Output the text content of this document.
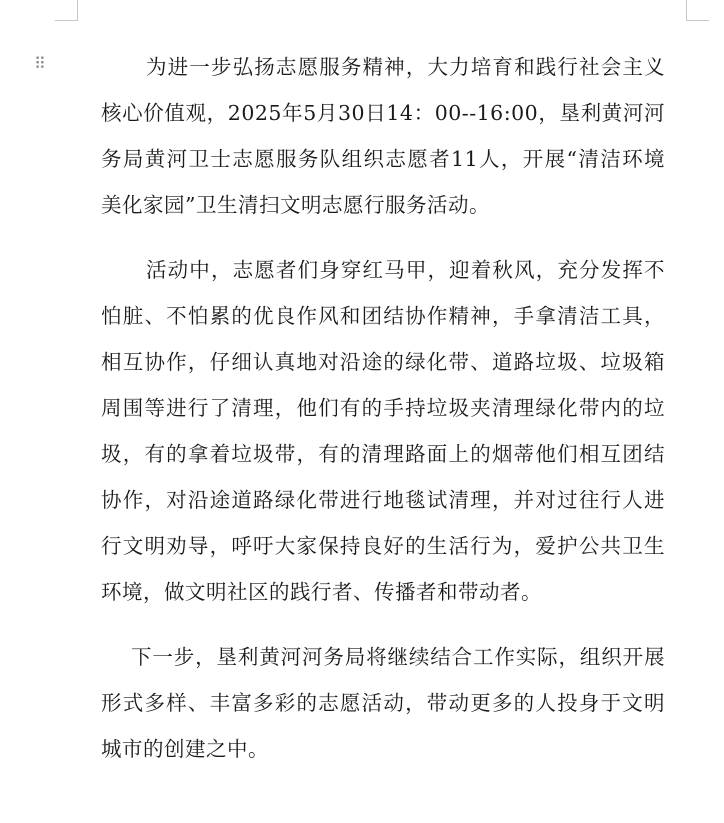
⠿	为进一步弘扬志愿服务精神，大力培育和践行社会主义核心价值观，2025年5月30日14：00--16:00，垦利黄河河务局黄河卫士志愿服务队组织志愿者11人，开展“清洁环境 美化家园”卫生清扫文明志愿行服务活动。

活动中，志愿者们身穿红马甲，迎着秋风，充分发挥不怕脏、不怕累的优良作风和团结协作精神，手拿清洁工具，相互协作，仔细认真地对沿途的绿化带、道路垃圾、垃圾箱周围等进行了清理，他们有的手持垃圾夹清理绿化带内的垃圾，有的拿着垃圾带，有的清理路面上的烟蒂他们相互团结协作，对沿途道路绿化带进行地毯试清理，并对过往行人进行文明劝导，呼吁大家保持良好的生活行为，爱护公共卫生环境，做文明社区的践行者、传播者和带动者。

下一步，垦利黄河河务局将继续结合工作实际，组织开展形式多样、丰富多彩的志愿活动，带动更多的人投身于文明城市的创建之中。
